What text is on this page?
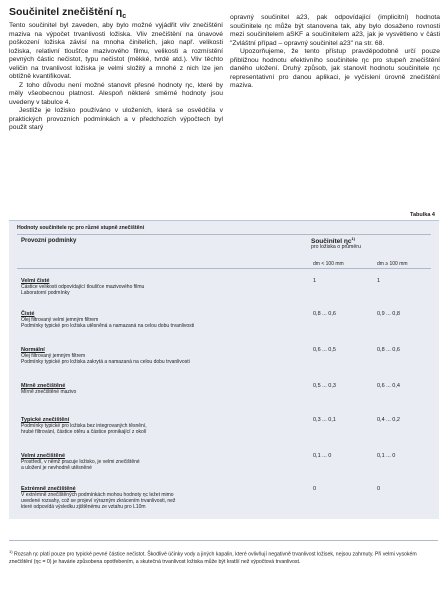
Součinitel znečištění $\eta_c$

Tento součinitel byl zaveden, aby bylo možné vyjádřit vliv znečištění maziva na výpočet trvanlivosti ložiska. Vliv znečištění na únavové poškození ložiska závisí na mnoha činitelích, jako např. velikosti ložiska, relativní tloušťce mazivového filmu, velikosti a rozmístění pevných částic nečistot, typu nečistot (měkké, tvrdé atd.). Vliv těchto veličin na trvanlivost ložiska je velmi složitý a mnohé z nich lze jen obtížně kvantifikovat.

Z toho důvodu není možné stanovit přesné hodnoty ηc, které by měly všeobecnou platnost. Alespoň některé směrné hodnoty jsou uvedeny v tabulce 4.

Jestliže je ložisko používáno v uloženích, která se osvědčila v praktických provozních podmínkách a v předchozích výpočtech byl použit starý

opravný součinitel a23, pak odpovídající (implicitní) hodnota součinitele ηc může být stanovena tak, aby bylo dosaženo rovnosti mezi součinitelem aSKF a součinitelem a23, jak je vysvětleno v části "Zvláštní případ – opravný součinitel a23" na str. 68.

Upozorňujeme, že tento přístup pravděpodobně určí pouze přibližnou hodnotu efektivního součinitele ηc pro stupeň znečištění daného uložení. Druhý způsob, jak stanovit hodnotu součinitele ηc representativní pro danou aplikaci, je vyčíslení úrovně znečištění maziva.

Tabulka 4
Hodnoty součinitele ηc pro různé stupně znečištění
Provozní podmínky	Součinitel $\eta c^{1)}$
pro ložiska o průměru

dm < 100 mm	dm ≥ 100 mm
Velmi čisté
Částice velikosti odpovídající tloušťce mazivového filmu
Laboratorní podmínky
1	1
Čisté
Olej filtrovaný velmi jemným filtrem
Podmínky typické pro ložiska utěsněná a namazaná na celou dobu trvanlivosti
0,8 ... 0,6	0,9 ... 0,8
Normální
Olej filtrovaný jemným filtrem
Podmínky typické pro ložiska zakrytá a namazaná na celou dobu trvanlivosti
0,6 ... 0,5	0,8 ... 0,6
Mírně znečištěné
Mírně znečištěné mazivo
0,5 ... 0,3	0,6 ... 0,4
Typické znečištění
Podmínky typické pro ložiska bez integrovaných těsnění,
hrubé filtrování, částice otěru a částice pronikající z okolí
0,3 ... 0,1	0,4 ... 0,2
Velmi znečištěné
Prostředí, v němž pracuje ložisko, je velmi znečištěné
a uložení je nevhodně utěsněné
0,1 ... 0	0,1 ... 0
Extrémně znečištěné
V extrémně znečištěných podmínkách mohou hodnoty ηc ležet mimo
uvedené rozsahy, což se projeví výrazným zkrácením trvanlivosti, než
které odpovídá výsledku zjištěnému ze vztahu pro L10m
0	0
$^{1)}$ Rozsah ηc platí pouze pro typické pevné částice nečistot. Škodlivé účinky vody a jiných kapalin, které ovlivňují negativně trvanlivost ložisek, nejsou zahrnuty. Při velmi vysokém znečištění (ηc = 0) je havárie způsobena opotřebením, a skutečná trvanlivost ložiska může být kratší než výpočtová trvanlivost.
